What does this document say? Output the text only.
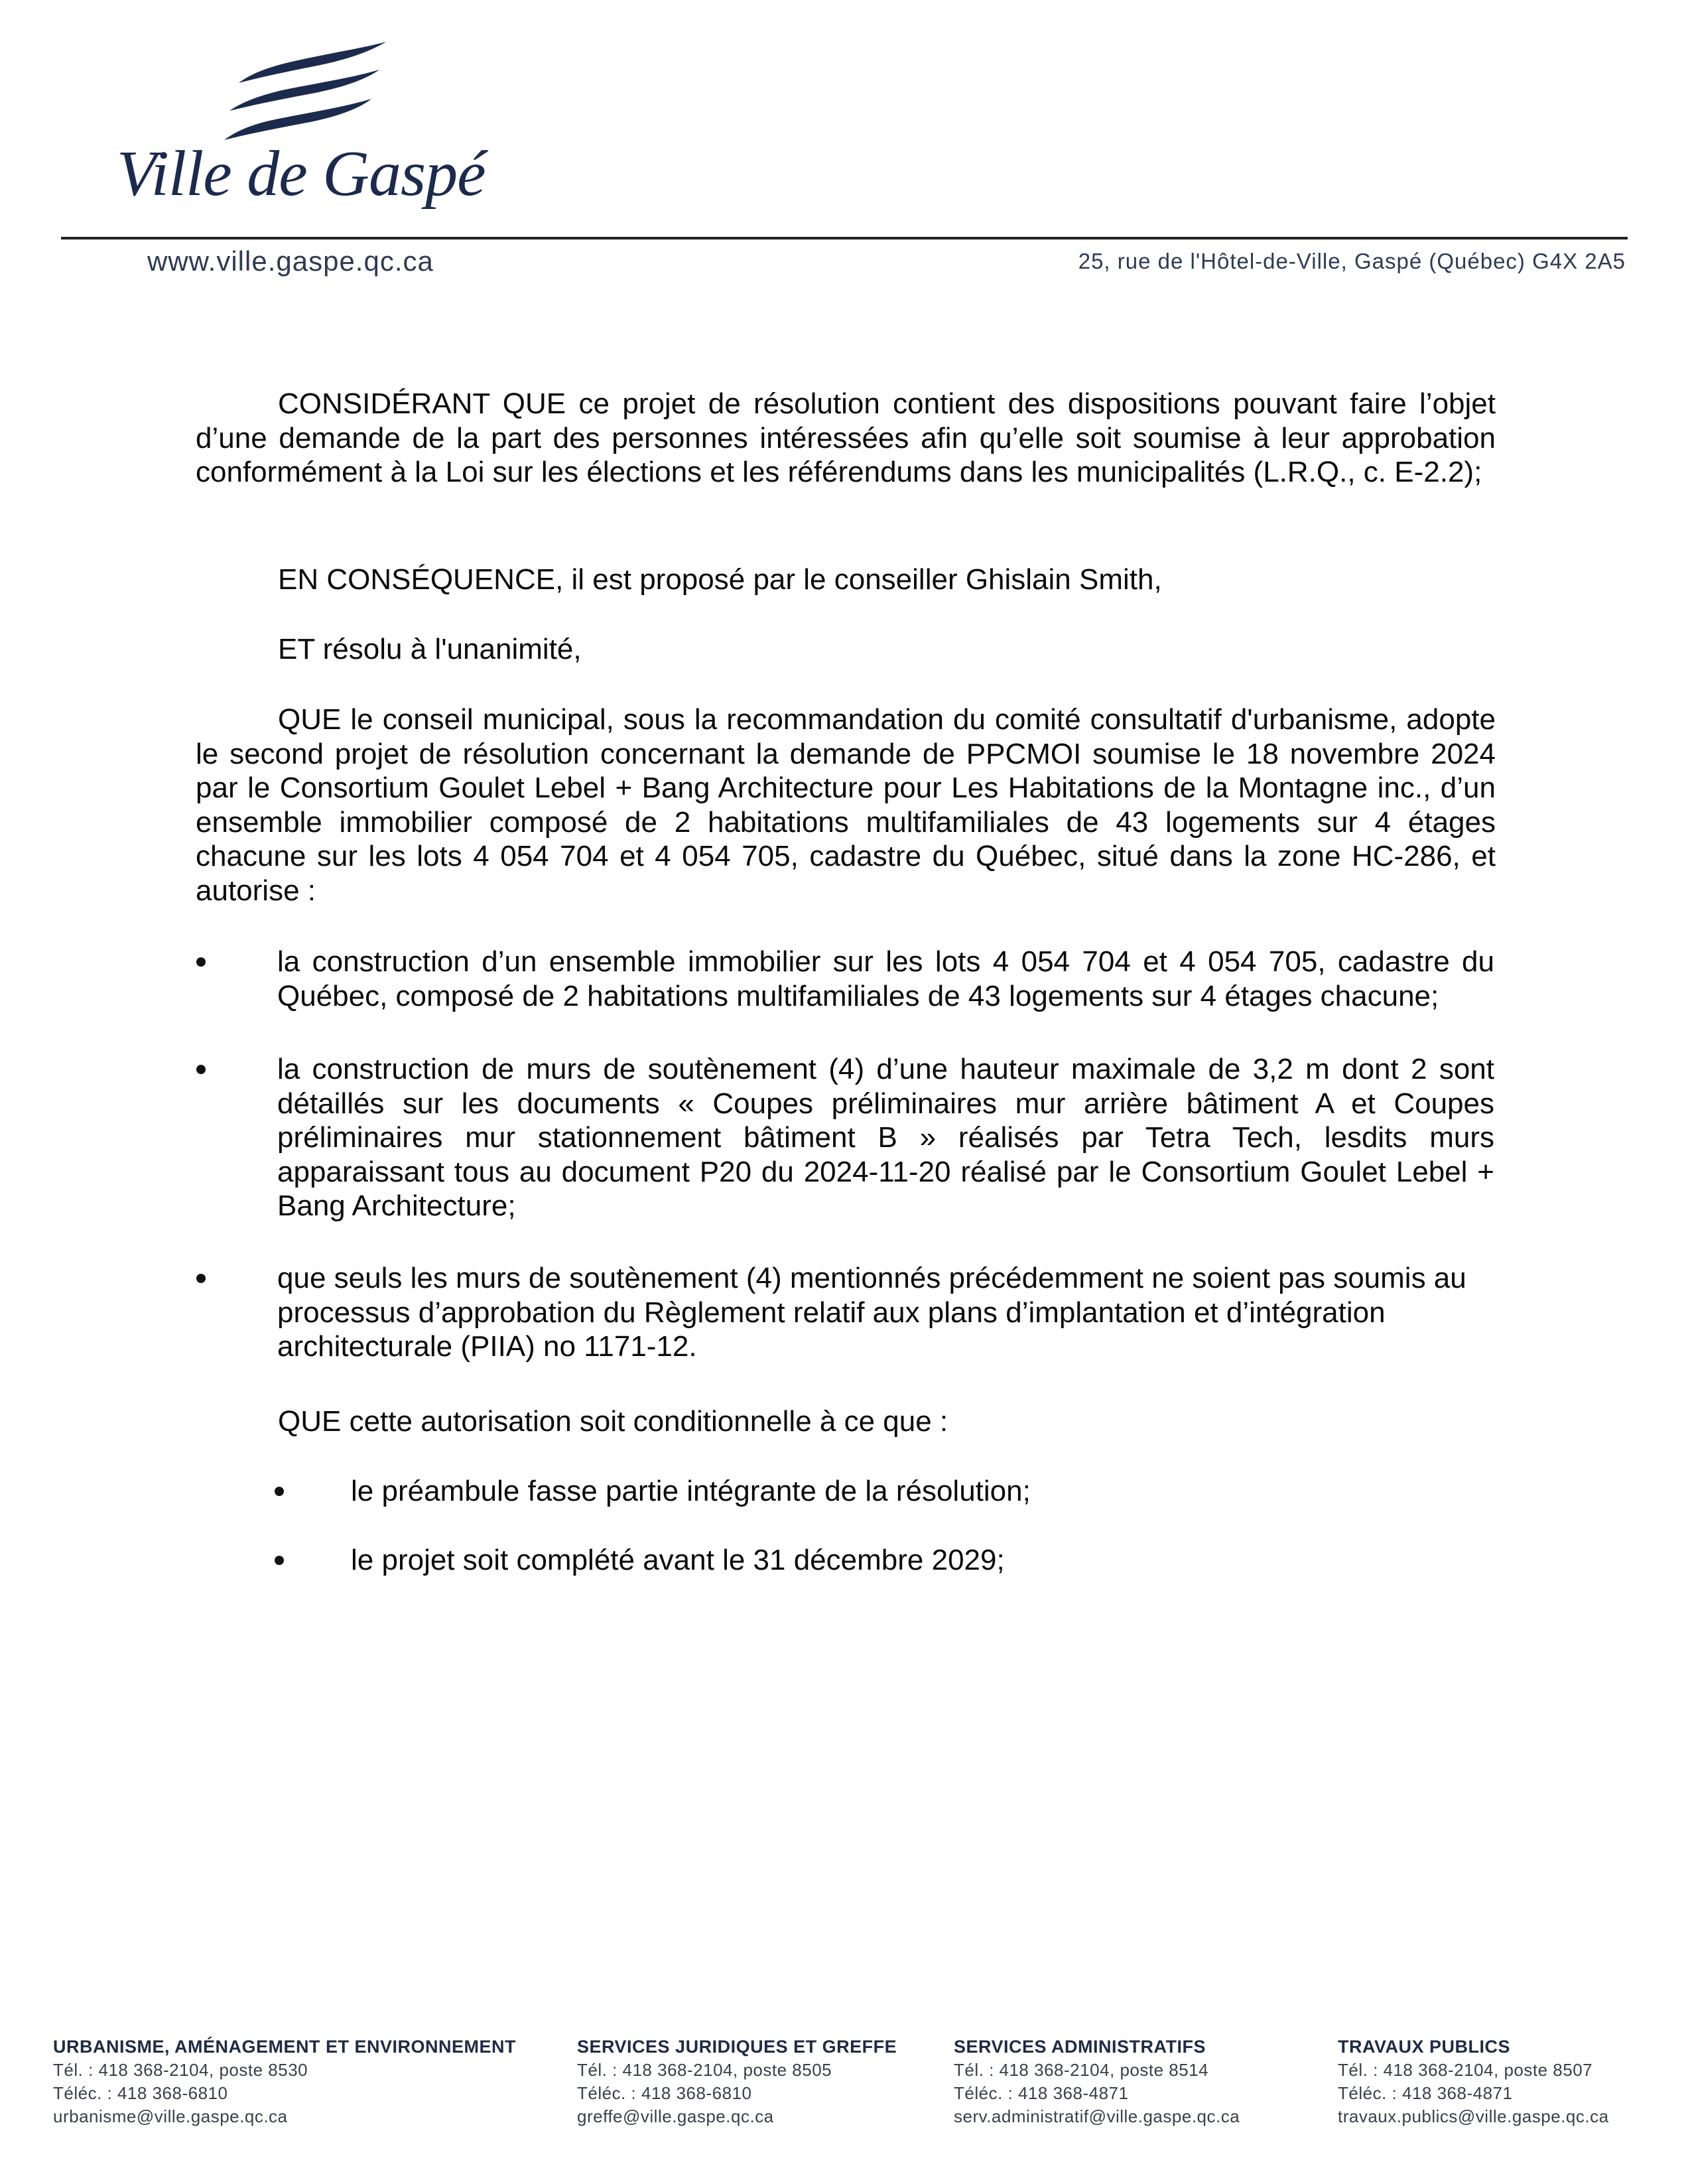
Ville de Gaspé

www.ville.gaspe.qc.ca	25, rue de l'Hôtel-de-Ville, Gaspé (Québec) G4X 2A5

CONSIDÉRANT QUE ce projet de résolution contient des dispositions pouvant faire l’objet d’une demande de la part des personnes intéressées afin qu’elle soit soumise à leur approbation conformément à la Loi sur les élections et les référendums dans les municipalités (L.R.Q., c. E-2.2);

EN CONSÉQUENCE, il est proposé par le conseiller Ghislain Smith,

ET résolu à l'unanimité,

QUE le conseil municipal, sous la recommandation du comité consultatif d'urbanisme, adopte le second projet de résolution concernant la demande de PPCMOI soumise le 18 novembre 2024 par le Consortium Goulet Lebel + Bang Architecture pour Les Habitations de la Montagne inc., d’un ensemble immobilier composé de 2 habitations multifamiliales de 43 logements sur 4 étages chacune sur les lots 4 054 704 et 4 054 705, cadastre du Québec, situé dans la zone HC-286, et autorise :

la construction d’un ensemble immobilier sur les lots 4 054 704 et 4 054 705, cadastre du Québec, composé de 2 habitations multifamiliales de 43 logements sur 4 étages chacune;

la construction de murs de soutènement (4) d’une hauteur maximale de 3,2 m dont 2 sont détaillés sur les documents « Coupes préliminaires mur arrière bâtiment A et Coupes préliminaires mur stationnement bâtiment B » réalisés par Tetra Tech, lesdits murs apparaissant tous au document P20 du 2024-11-20 réalisé par le Consortium Goulet Lebel + Bang Architecture;

que seuls les murs de soutènement (4) mentionnés précédemment ne soient pas soumis au processus d’approbation du Règlement relatif aux plans d’implantation et d’intégration architecturale (PIIA) no 1171-12.

QUE cette autorisation soit conditionnelle à ce que :

le préambule fasse partie intégrante de la résolution;

le projet soit complété avant le 31 décembre 2029;

URBANISME, AMÉNAGEMENT ET ENVIRONNEMENT
Tél. : 418 368-2104, poste 8530
Téléc. : 418 368-6810
urbanisme@ville.gaspe.qc.ca
SERVICES JURIDIQUES ET GREFFE
Tél. : 418 368-2104, poste 8505
Téléc. : 418 368-6810
greffe@ville.gaspe.qc.ca
SERVICES ADMINISTRATIFS
Tél. : 418 368-2104, poste 8514
Téléc. : 418 368-4871
serv.administratif@ville.gaspe.qc.ca
TRAVAUX PUBLICS
Tél. : 418 368-2104, poste 8507
Téléc. : 418 368-4871
travaux.publics@ville.gaspe.qc.ca
